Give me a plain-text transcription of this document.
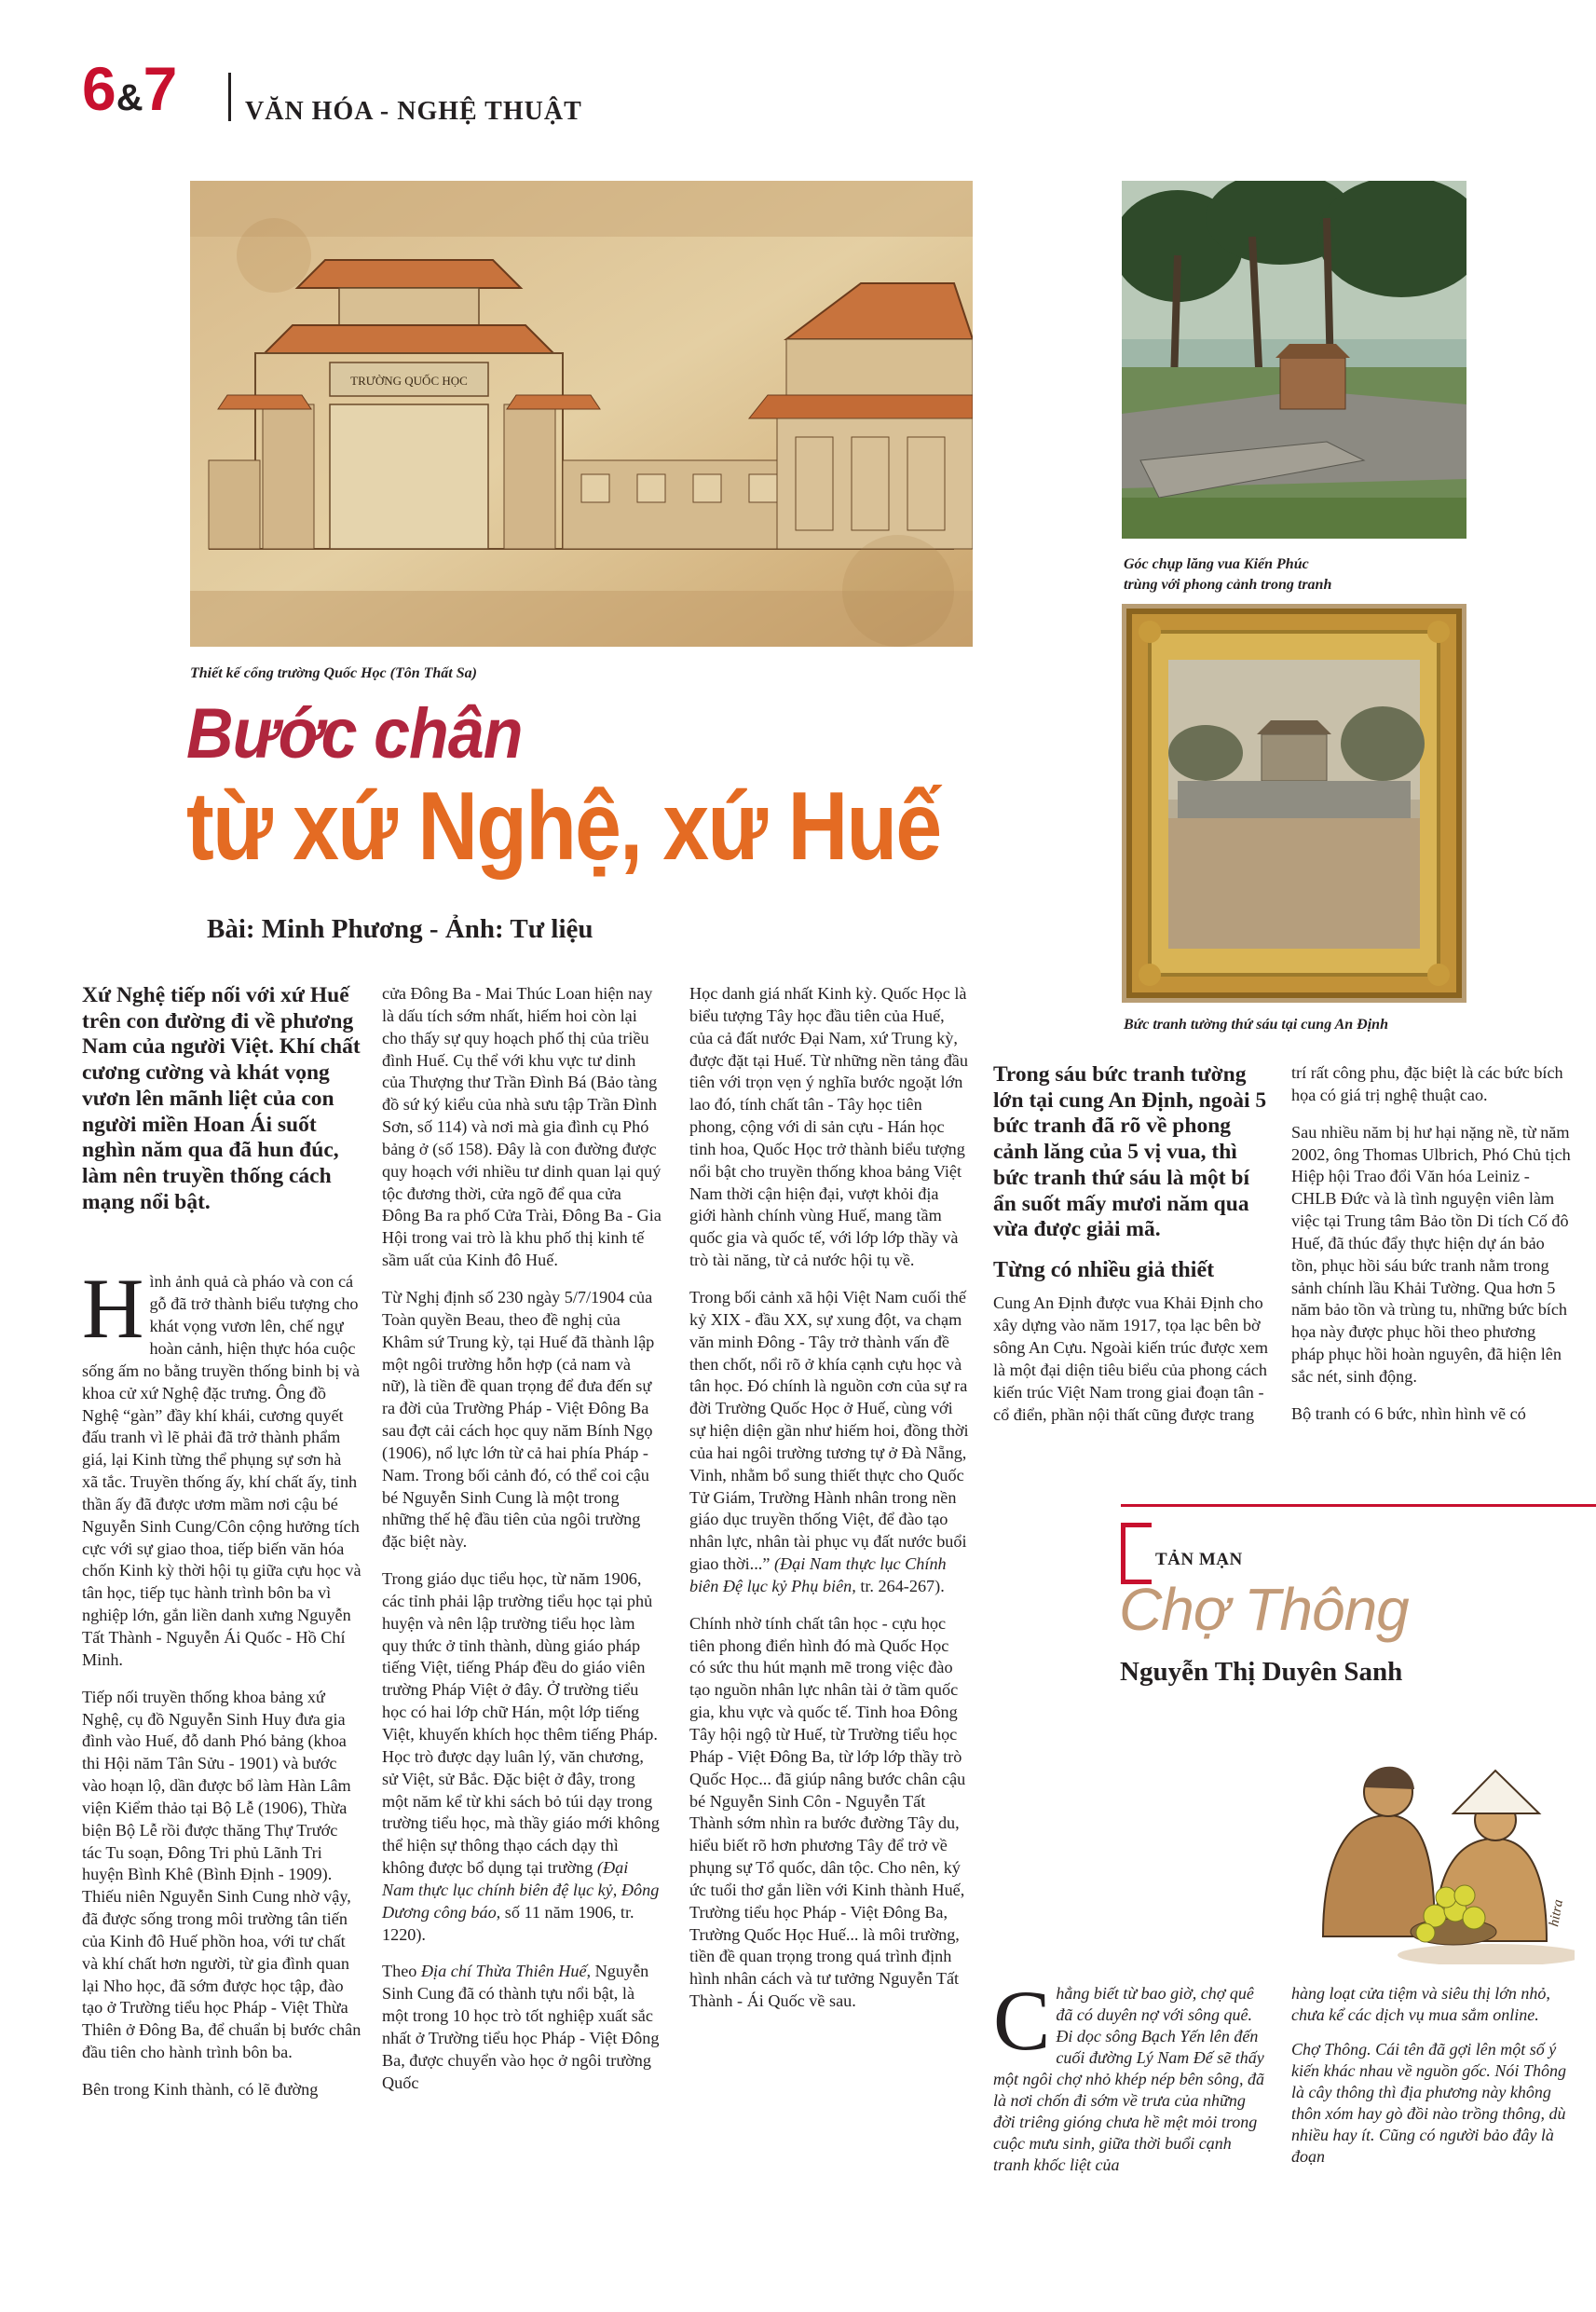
6&7	VĂN HÓA - NGHỆ THUẬT
TRƯỜNG QUỐC HỌC
Thiết kế cổng trường Quốc Học (Tôn Thất Sa)
Góc chụp lăng vua Kiến Phúc
trùng với phong cảnh trong tranh
Bức tranh tường thứ sáu tại cung An Định
Bước chân
từ xứ Nghệ, xứ Huế
Bài: Minh Phương - Ảnh: Tư liệu

Xứ Nghệ tiếp nối với xứ Huế trên con đường đi về phương Nam của người Việt. Khí chất cương cường và khát vọng vươn lên mãnh liệt của con người miền Hoan Ái suốt nghìn năm qua đã hun đúc, làm nên truyền thống cách mạng nổi bật.

Hình ảnh quả cà pháo và con cá gỗ đã trở thành biểu tượng cho khát vọng vươn lên, chế ngự hoàn cảnh, hiện thực hóa cuộc sống ấm no bằng truyền thống binh bị và khoa cử xứ Nghệ đặc trưng. Ông đồ Nghệ “gàn” đầy khí khái, cương quyết đấu tranh vì lẽ phải đã trở thành phẩm giá, lại Kinh từng thể phụng sự sơn hà xã tắc. Truyền thống ấy, khí chất ấy, tinh thần ấy đã được ươm mầm nơi cậu bé Nguyễn Sinh Cung/Côn cộng hưởng tích cực với sự giao thoa, tiếp biến văn hóa chốn Kinh kỳ thời hội tụ giữa cựu học và tân học, tiếp tục hành trình bôn ba vì nghiệp lớn, gắn liền danh xưng Nguyễn Tất Thành - Nguyễn Ái Quốc - Hồ Chí Minh.

Tiếp nối truyền thống khoa bảng xứ Nghệ, cụ đồ Nguyễn Sinh Huy đưa gia đình vào Huế, đỗ danh Phó bảng (khoa thi Hội năm Tân Sửu - 1901) và bước vào hoạn lộ, dần được bổ làm Hàn Lâm viện Kiểm thảo tại Bộ Lễ (1906), Thừa biện Bộ Lễ rồi được thăng Thự Trước tác Tu soạn, Đông Tri phủ Lãnh Tri huyện Bình Khê (Bình Định - 1909). Thiếu niên Nguyễn Sinh Cung nhờ vậy, đã được sống trong môi trường tân tiến của Kinh đô Huế phồn hoa, với tư chất và khí chất hơn người, từ gia đình quan lại Nho học, đã sớm được học tập, đào tạo ở Trường tiểu học Pháp - Việt Thừa Thiên ở Đông Ba, để chuẩn bị bước chân đầu tiên cho hành trình bôn ba.

Bên trong Kinh thành, có lẽ đường

cửa Đông Ba - Mai Thúc Loan hiện nay là dấu tích sớm nhất, hiếm hoi còn lại cho thấy sự quy hoạch phố thị của triều đình Huế. Cụ thể với khu vực tư dinh của Thượng thư Trần Đình Bá (Bảo tàng đồ sứ ký kiểu của nhà sưu tập Trần Đình Sơn, số 114) và nơi mà gia đình cụ Phó bảng ở (số 158). Đây là con đường được quy hoạch với nhiều tư dinh quan lại quý tộc đương thời, cửa ngõ để qua cửa Đông Ba ra phố Cửa Trài, Đông Ba - Gia Hội trong vai trò là khu phố thị kinh tế sầm uất của Kinh đô Huế.

Từ Nghị định số 230 ngày 5/7/1904 của Toàn quyền Beau, theo đề nghị của Khâm sứ Trung kỳ, tại Huế đã thành lập một ngôi trường hỗn hợp (cả nam và nữ), là tiền đề quan trọng để đưa đến sự ra đời của Trường Pháp - Việt Đông Ba sau đợt cải cách học quy năm Bính Ngọ (1906), nổ lực lớn từ cả hai phía Pháp - Nam. Trong bối cảnh đó, có thể coi cậu bé Nguyễn Sinh Cung là một trong những thế hệ đầu tiên của ngôi trường đặc biệt này.

Trong giáo dục tiểu học, từ năm 1906, các tỉnh phải lập trường tiểu học tại phủ huyện và nên lập trường tiểu học làm quy thức ở tỉnh thành, dùng giáo pháp tiếng Việt, tiếng Pháp đều do giáo viên trường Pháp Việt ở đây. Ở trường tiểu học có hai lớp chữ Hán, một lớp tiếng Việt, khuyến khích học thêm tiếng Pháp. Học trò được dạy luân lý, văn chương, sử Việt, sử Bắc. Đặc biệt ở đây, trong một năm kể từ khi sách bỏ túi dạy trong trường tiểu học, mà thầy giáo mới không thể hiện sự thông thạo cách dạy thì không được bổ dụng tại trường (Đại Nam thực lục chính biên đệ lục kỷ, Đông Dương công báo, số 11 năm 1906, tr. 1220).

Theo Địa chí Thừa Thiên Huế, Nguyễn Sinh Cung đã có thành tựu nổi bật, là một trong 10 học trò tốt nghiệp xuất sắc nhất ở Trường tiểu học Pháp - Việt Đông Ba, được chuyển vào học ở ngôi trường Quốc

Học danh giá nhất Kinh kỳ. Quốc Học là biểu tượng Tây học đầu tiên của Huế, của cả đất nước Đại Nam, xứ Trung kỳ, được đặt tại Huế. Từ những nền tảng đầu tiên với trọn vẹn ý nghĩa bước ngoặt lớn lao đó, tính chất tân - Tây học tiên phong, cộng với di sản cựu - Hán học tinh hoa, Quốc Học trở thành biểu tượng nổi bật cho truyền thống khoa bảng Việt Nam thời cận hiện đại, vượt khỏi địa giới hành chính vùng Huế, mang tầm quốc gia và quốc tế, với lớp lớp thầy và trò tài năng, từ cả nước hội tụ về.

Trong bối cảnh xã hội Việt Nam cuối thế kỷ XIX - đầu XX, sự xung đột, va chạm văn minh Đông - Tây trở thành vấn đề then chốt, nổi rõ ở khía cạnh cựu học và tân học. Đó chính là nguồn cơn của sự ra đời Trường Quốc Học ở Huế, cùng với sự hiện diện gần như hiếm hoi, đồng thời của hai ngôi trường tương tự ở Đà Nẵng, Vinh, nhằm bổ sung thiết thực cho Quốc Tử Giám, Trường Hành nhân trong nền giáo dục truyền thống Việt, để đào tạo nhân lực, nhân tài phục vụ đất nước buổi giao thời...” (Đại Nam thực lục Chính biên Đệ lục kỷ Phụ biên, tr. 264-267).

Chính nhờ tính chất tân học - cựu học tiên phong điển hình đó mà Quốc Học có sức thu hút mạnh mẽ trong việc đào tạo nguồn nhân lực nhân tài ở tầm quốc gia, khu vực và quốc tế. Tinh hoa Đông Tây hội ngộ từ Huế, từ Trường tiểu học Pháp - Việt Đông Ba, từ lớp lớp thầy trò Quốc Học... đã giúp nâng bước chân cậu bé Nguyễn Sinh Côn - Nguyễn Tất Thành sớm nhìn ra bước đường Tây du, hiểu biết rõ hơn phương Tây để trở về phụng sự Tổ quốc, dân tộc. Cho nên, ký ức tuổi thơ gắn liền với Kinh thành Huế, Trường tiểu học Pháp - Việt Đông Ba, Trường Quốc Học Huế... là môi trường, tiền đề quan trọng trong quá trình định hình nhân cách và tư tưởng Nguyễn Tất Thành - Ái Quốc về sau.

Trong sáu bức tranh tường lớn tại cung An Định, ngoài 5 bức tranh đã rõ về phong cảnh lăng của 5 vị vua, thì bức tranh thứ sáu là một bí ẩn suốt mấy mươi năm qua vừa được giải mã.

Từng có nhiều giả thiết

Cung An Định được vua Khải Định cho xây dựng vào năm 1917, tọa lạc bên bờ sông An Cựu. Ngoài kiến trúc được xem là một đại diện tiêu biểu của phong cách kiến trúc Việt Nam trong giai đoạn tân - cổ điển, phần nội thất cũng được trang

trí rất công phu, đặc biệt là các bức bích họa có giá trị nghệ thuật cao.

Sau nhiều năm bị hư hại nặng nề, từ năm 2002, ông Thomas Ulbrich, Phó Chủ tịch Hiệp hội Trao đổi Văn hóa Leiniz - CHLB Đức và là tình nguyện viên làm việc tại Trung tâm Bảo tồn Di tích Cố đô Huế, đã thúc đẩy thực hiện dự án bảo tồn, phục hồi sáu bức tranh nằm trong sảnh chính lầu Khải Tường. Qua hơn 5 năm bảo tồn và trùng tu, những bức bích họa này được phục hồi theo phương pháp phục hồi hoàn nguyên, đã hiện lên sắc nét, sinh động.

Bộ tranh có 6 bức, nhìn hình vẽ có

TẢN MẠN
Chợ Thông
Nguyễn Thị Duyên Sanh
hitra

Chẳng biết từ bao giờ, chợ quê đã có duyên nợ với sông quê. Đi dọc sông Bạch Yến lên đến cuối đường Lý Nam Đế sẽ thấy một ngôi chợ nhỏ khép nép bên sông, đã là nơi chốn đi sớm về trưa của những đời triêng gióng chưa hề mệt mỏi trong cuộc mưu sinh, giữa thời buổi cạnh tranh khốc liệt của

hàng loạt cửa tiệm và siêu thị lớn nhỏ, chưa kể các dịch vụ mua sắm online.

Chợ Thông. Cái tên đã gợi lên một số ý kiến khác nhau về nguồn gốc. Nói Thông là cây thông thì địa phương này không thôn xóm hay gò đồi nào trồng thông, dù nhiều hay ít. Cũng có người bảo đây là đoạn
